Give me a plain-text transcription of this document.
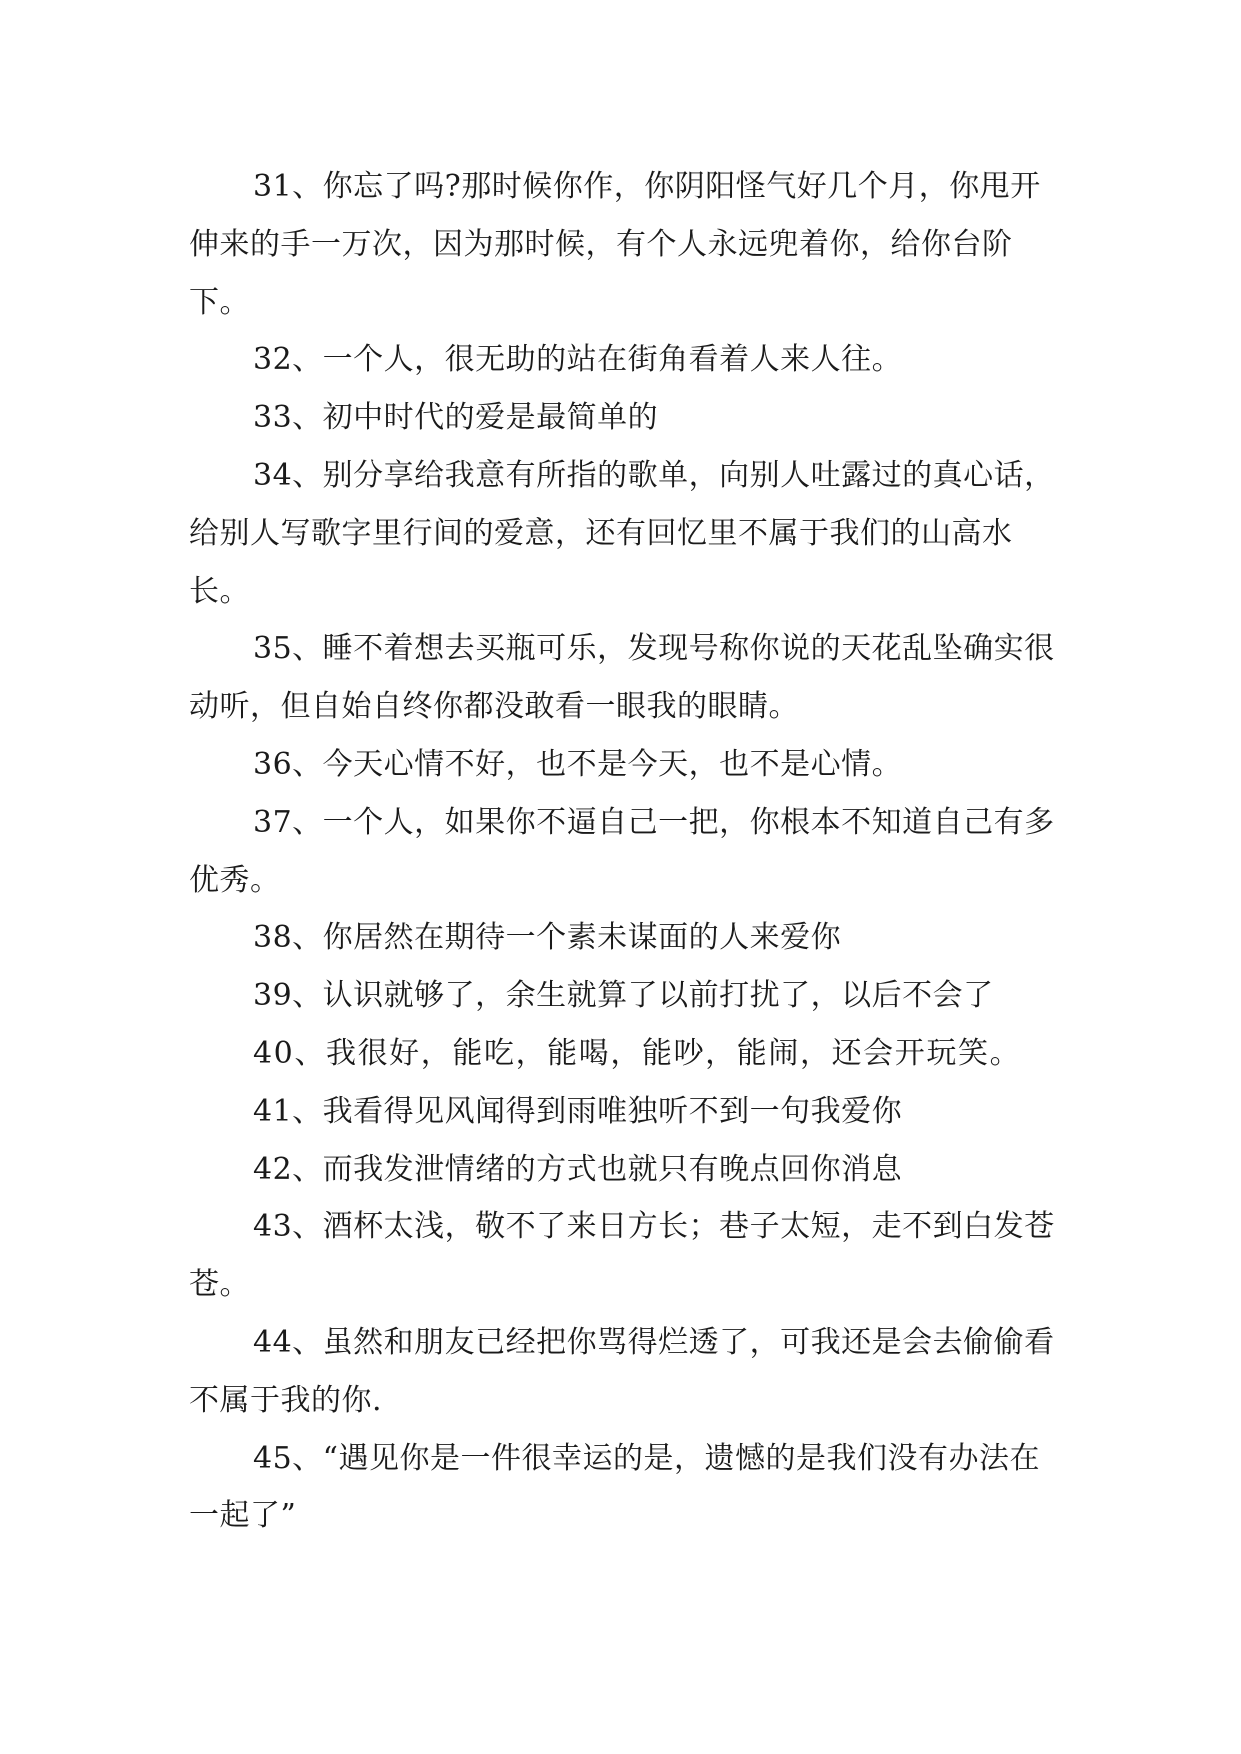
31、你忘了吗?那时候你作，你阴阳怪气好几个月，你甩开伸来的手一万次，因为那时候，有个人永远兜着你，给你台阶下。

32、一个人，很无助的站在街角看着人来人往。

33、初中时代的爱是最简单的

34、别分享给我意有所指的歌单，向别人吐露过的真心话，给别人写歌字里行间的爱意，还有回忆里不属于我们的山高水长。

35、睡不着想去买瓶可乐，发现号称你说的天花乱坠确实很动听，但自始自终你都没敢看一眼我的眼睛。

36、今天心情不好，也不是今天，也不是心情。

37、一个人，如果你不逼自己一把，你根本不知道自己有多优秀。

38、你居然在期待一个素未谋面的人来爱你

39、认识就够了，余生就算了以前打扰了，以后不会了

40、我很好，能吃，能喝，能吵，能闹，还会开玩笑。

41、我看得见风闻得到雨唯独听不到一句我爱你

42、而我发泄情绪的方式也就只有晚点回你消息

43、酒杯太浅，敬不了来日方长；巷子太短，走不到白发苍苍。

44、虽然和朋友已经把你骂得烂透了，可我还是会去偷偷看不属于我的你.

45、“遇见你是一件很幸运的是，遗憾的是我们没有办法在一起了”
